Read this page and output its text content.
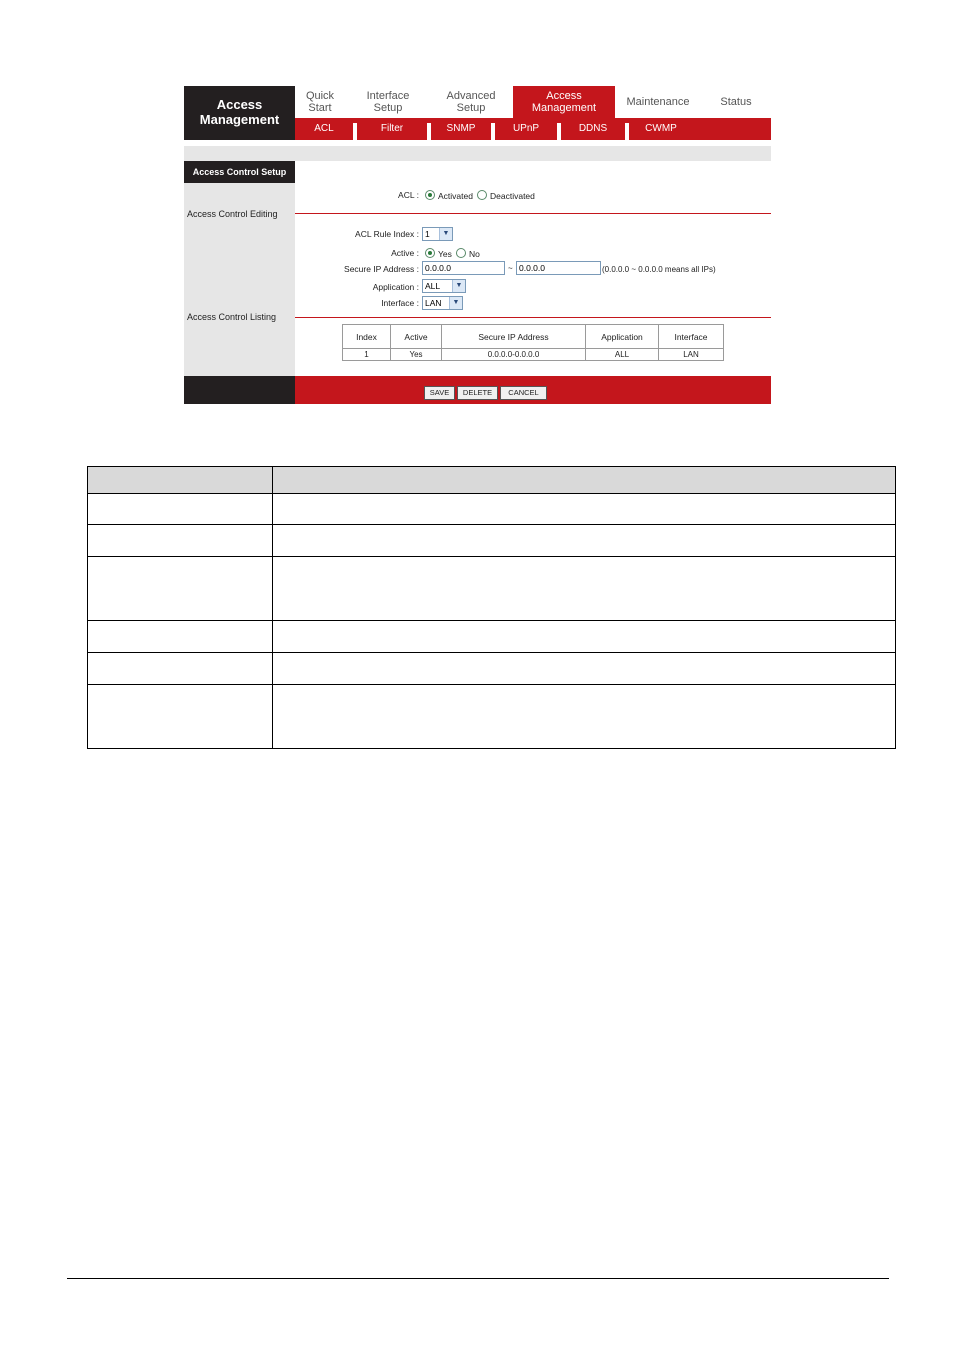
Access
Management
Quick
Start
Interface
Setup
Advanced
Setup
Access
Management	Maintenance	Status
ACL	Filter	SNMP	UPnP	DDNS	CWMP
Access Control Setup
Access Control Editing
Access Control Listing
ACL : Activated Deactivated
ACL Rule Index : 1	▼
Active : Yes No
Secure IP Address :
0.0.0.0	~
0.0.0.0	(0.0.0.0 ~ 0.0.0.0 means all IPs)
Application : ALL	▼
Interface : LAN	▼
Index	Active	Secure IP Address	Application	Interface
1	Yes	0.0.0.0-0.0.0.0	ALL	LAN
SAVE	DELETE	CANCEL
